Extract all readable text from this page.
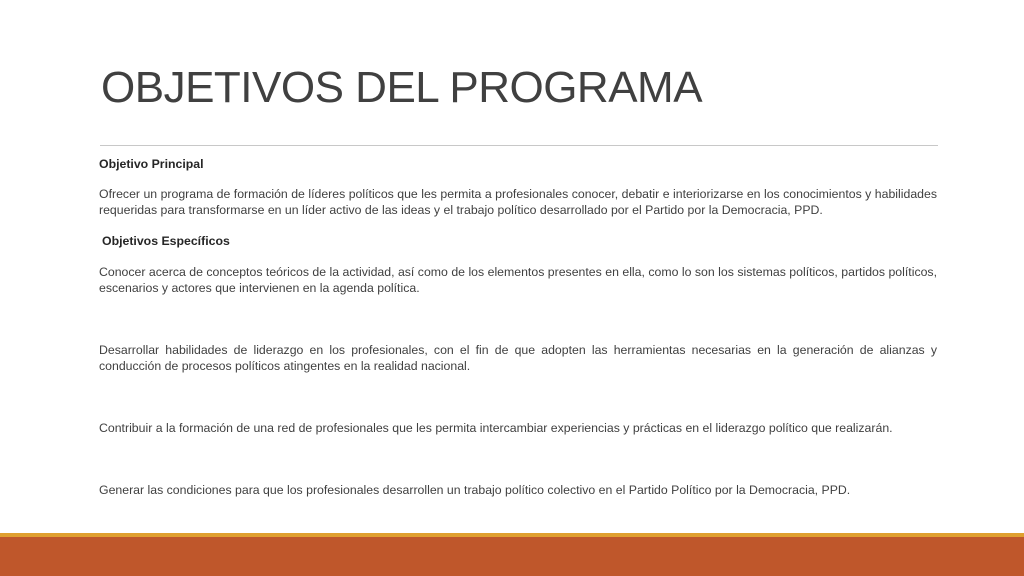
OBJETIVOS DEL PROGRAMA

Objetivo Principal

Ofrecer un programa de formación de líderes políticos que les permita a profesionales conocer, debatir e interiorizarse en los conocimientos y habilidades requeridas para transformarse en un líder activo de las ideas y el trabajo político desarrollado por el Partido por la Democracia, PPD.

Objetivos Específicos

Conocer acerca de conceptos teóricos de la actividad, así como de los elementos presentes en ella, como lo son los sistemas políticos, partidos políticos, escenarios y actores que intervienen en la agenda política.

Desarrollar habilidades de liderazgo en los profesionales, con el fin de que adopten las herramientas necesarias en la generación de alianzas y conducción de procesos políticos atingentes en la realidad nacional.

Contribuir a la formación de una red de profesionales que les permita intercambiar experiencias y prácticas en el liderazgo político que realizarán.

Generar las condiciones para que los profesionales desarrollen un trabajo político colectivo en el Partido Político por la Democracia, PPD.
